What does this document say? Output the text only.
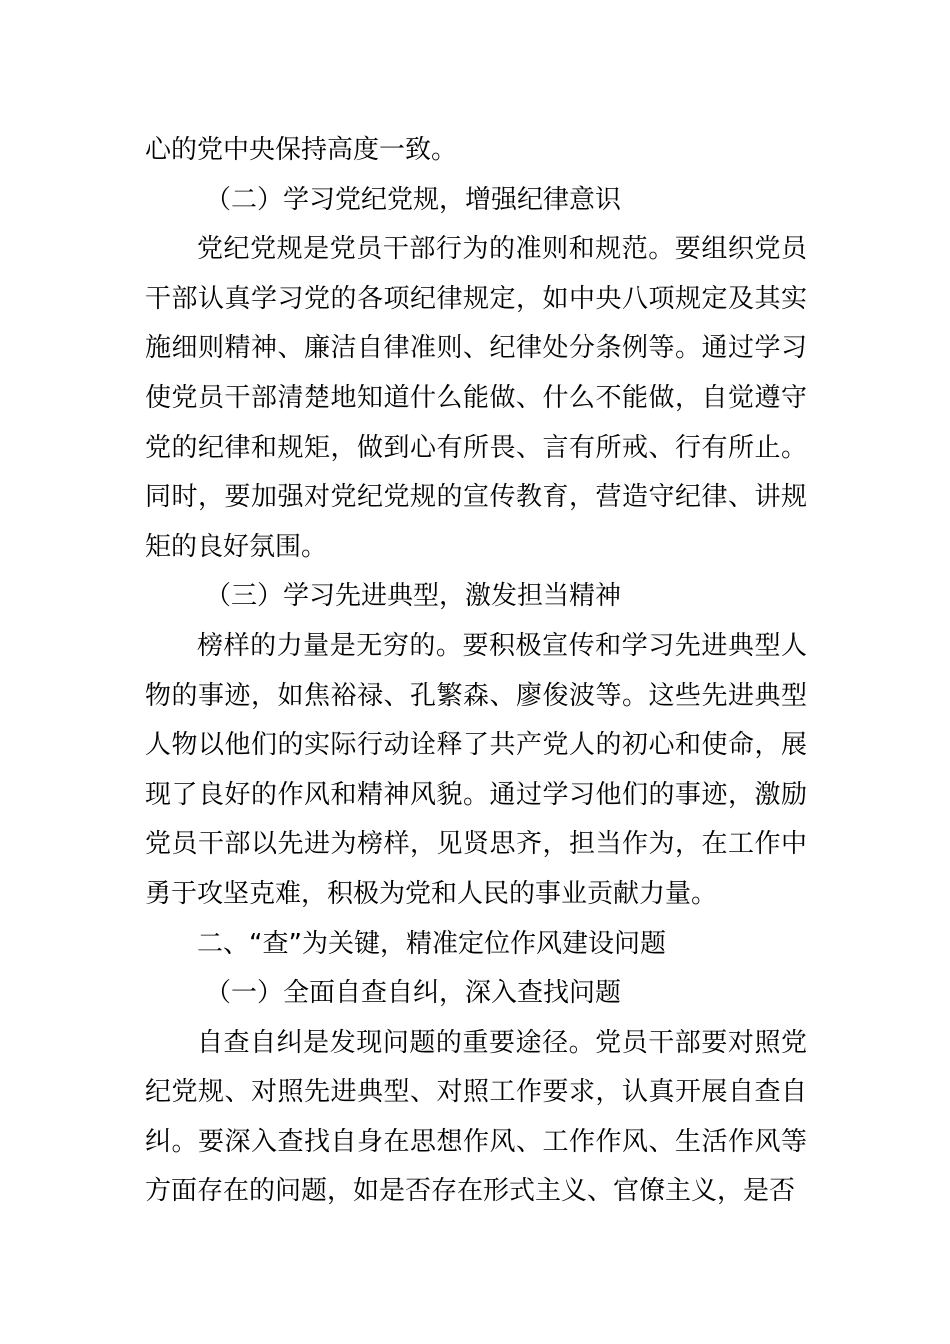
心的党中央保持高度一致。

（二）学习党纪党规，增强纪律意识

党纪党规是党员干部行为的准则和规范。要组织党员干部认真学习党的各项纪律规定，如中央八项规定及其实施细则精神、廉洁自律准则、纪律处分条例等。通过学习使党员干部清楚地知道什么能做、什么不能做，自觉遵守党的纪律和规矩，做到心有所畏、言有所戒、行有所止。同时，要加强对党纪党规的宣传教育，营造守纪律、讲规矩的良好氛围。

（三）学习先进典型，激发担当精神

榜样的力量是无穷的。要积极宣传和学习先进典型人物的事迹，如焦裕禄、孔繁森、廖俊波等。这些先进典型人物以他们的实际行动诠释了共产党人的初心和使命，展现了良好的作风和精神风貌。通过学习他们的事迹，激励党员干部以先进为榜样，见贤思齐，担当作为，在工作中勇于攻坚克难，积极为党和人民的事业贡献力量。

二、“查”为关键，精准定位作风建设问题

（一）全面自查自纠，深入查找问题

自查自纠是发现问题的重要途径。党员干部要对照党纪党规、对照先进典型、对照工作要求，认真开展自查自纠。要深入查找自身在思想作风、工作作风、生活作风等方面存在的问题，如是否存在形式主义、官僚主义，是否
